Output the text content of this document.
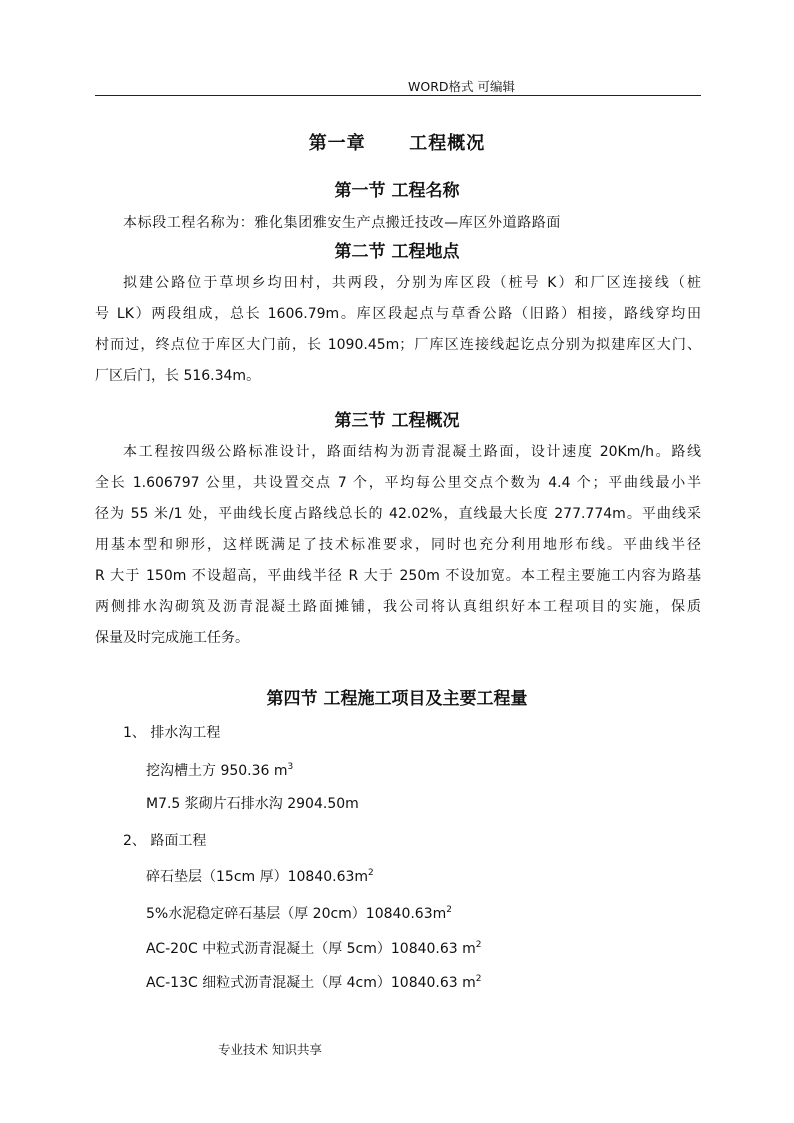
WORD格式 可编辑
第一章      工程概况
第一节 工程名称
本标段工程名称为：雅化集团雅安生产点搬迁技改—库区外道路路面
第二节 工程地点
拟建公路位于草坝乡均田村，共两段，分别为库区段（桩号 K）和厂区连接线（桩
号 LK）两段组成，总长 1606.79m。库区段起点与草香公路（旧路）相接，路线穿均田
村而过，终点位于库区大门前，长 1090.45m；厂库区连接线起讫点分别为拟建库区大门、
厂区后门，长 516.34m。
第三节 工程概况
本工程按四级公路标准设计，路面结构为沥青混凝土路面，设计速度 20Km/h。路线
全长 1.606797 公里，共设置交点 7 个，平均每公里交点个数为 4.4 个；平曲线最小半
径为 55 米/1 处，平曲线长度占路线总长的 42.02%，直线最大长度 277.774m。平曲线采
用基本型和卵形，这样既满足了技术标准要求，同时也充分利用地形布线。平曲线半径
R 大于 150m 不设超高，平曲线半径 R 大于 250m 不设加宽。本工程主要施工内容为路基
两侧排水沟砌筑及沥青混凝土路面摊铺，我公司将认真组织好本工程项目的实施，保质
保量及时完成施工任务。
第四节 工程施工项目及主要工程量
1、 排水沟工程
挖沟槽土方 950.36 $m^3$
M7.5 浆砌片石排水沟 2904.50m
2、 路面工程
碎石垫层（15cm 厚）$10840.63m^2$
5%水泥稳定碎石基层（厚 $20cm)10840.63m^2$
AC-20C 中粒式沥青混凝土（厚 5cm）10840.63 $m^2$
AC-13C 细粒式沥青混凝土（厚 4cm）10840.63 $m^2$
专业技术 知识共享
